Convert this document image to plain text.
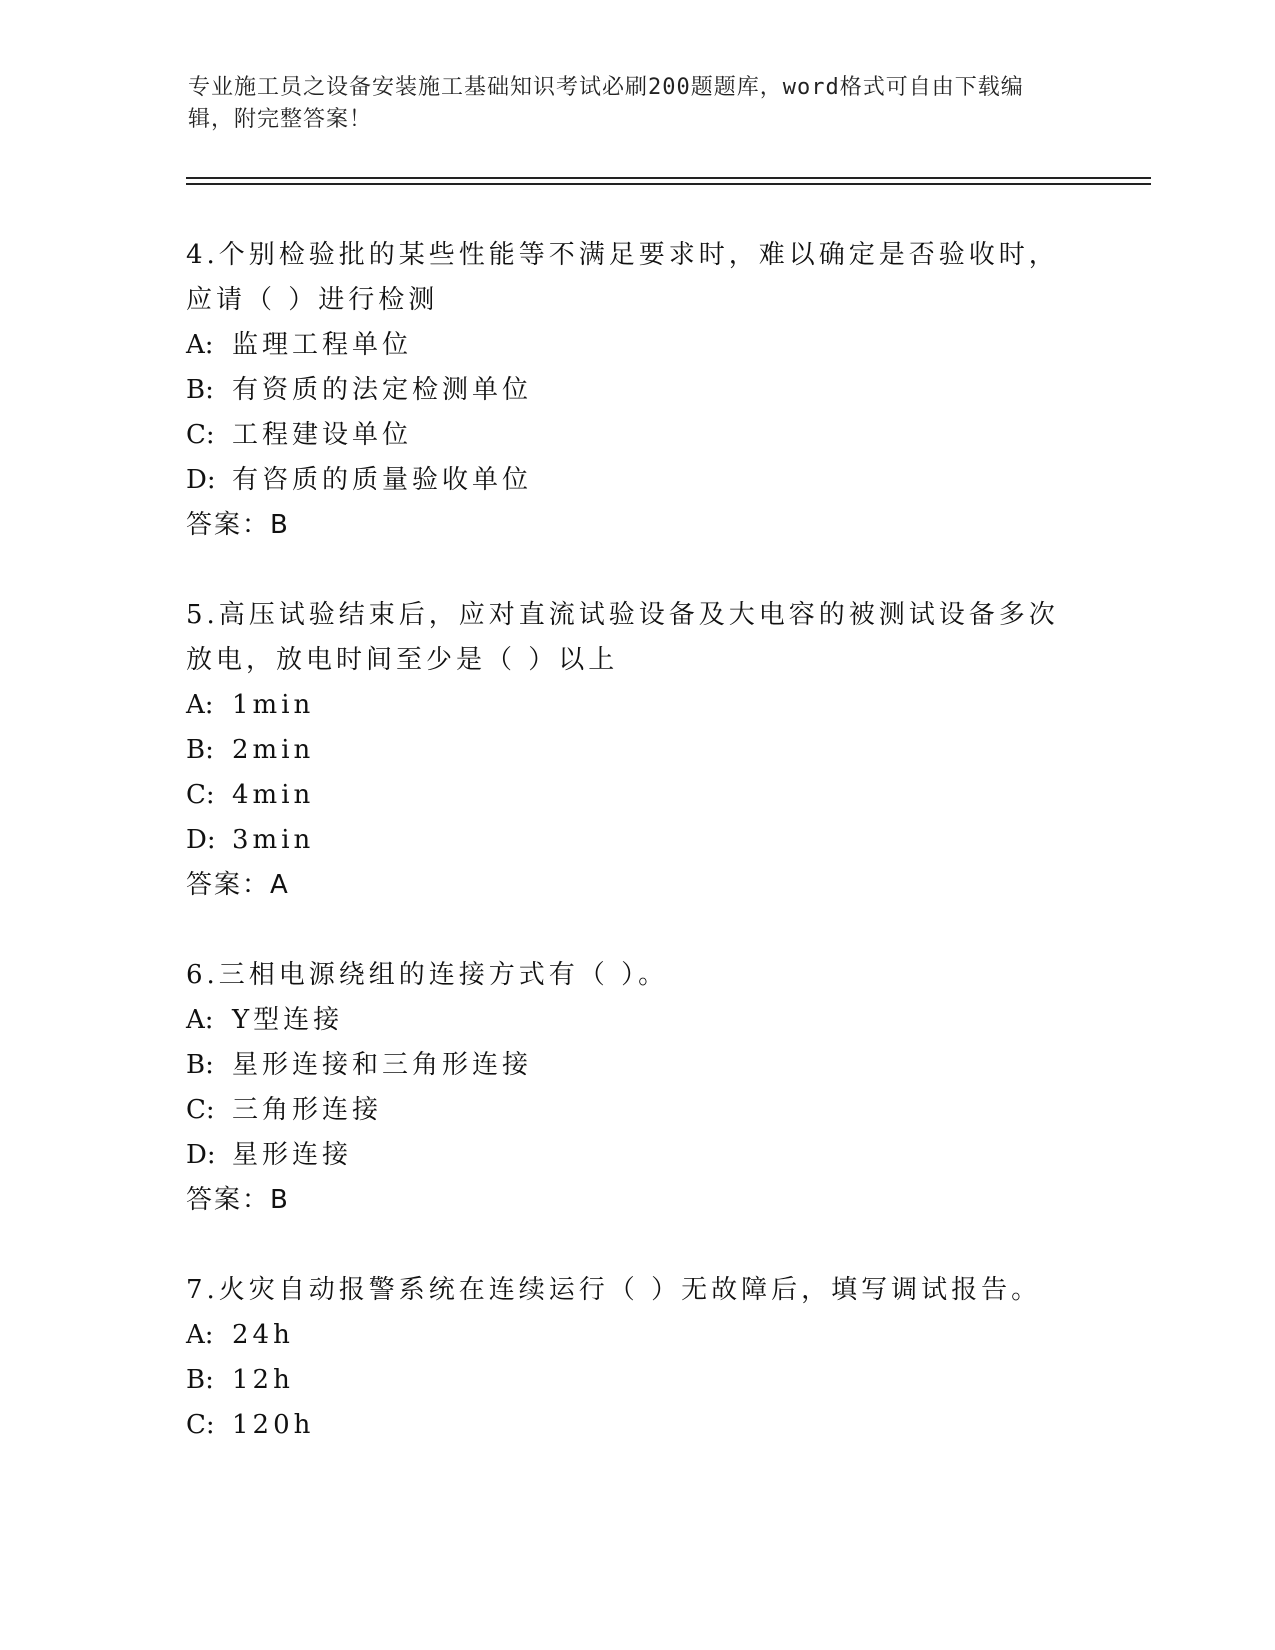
专业施工员之设备安装施工基础知识考试必刷200题题库，word格式可自由下载编辑，附完整答案！
4.个别检验批的某些性能等不满足要求时，难以确定是否验收时，应请（ ）进行检测
A: 监理工程单位
B: 有资质的法定检测单位
C: 工程建设单位
D: 有咨质的质量验收单位
答案：B
5.高压试验结束后，应对直流试验设备及大电容的被测试设备多次放电，放电时间至少是（ ）以上
A: 1min
B: 2min
C: 4min
D: 3min
答案：A
6.三相电源绕组的连接方式有（ ）。
A: Y型连接
B: 星形连接和三角形连接
C: 三角形连接
D: 星形连接
答案：B
7.火灾自动报警系统在连续运行（ ）无故障后，填写调试报告。
A: 24h
B: 12h
C: 120h
